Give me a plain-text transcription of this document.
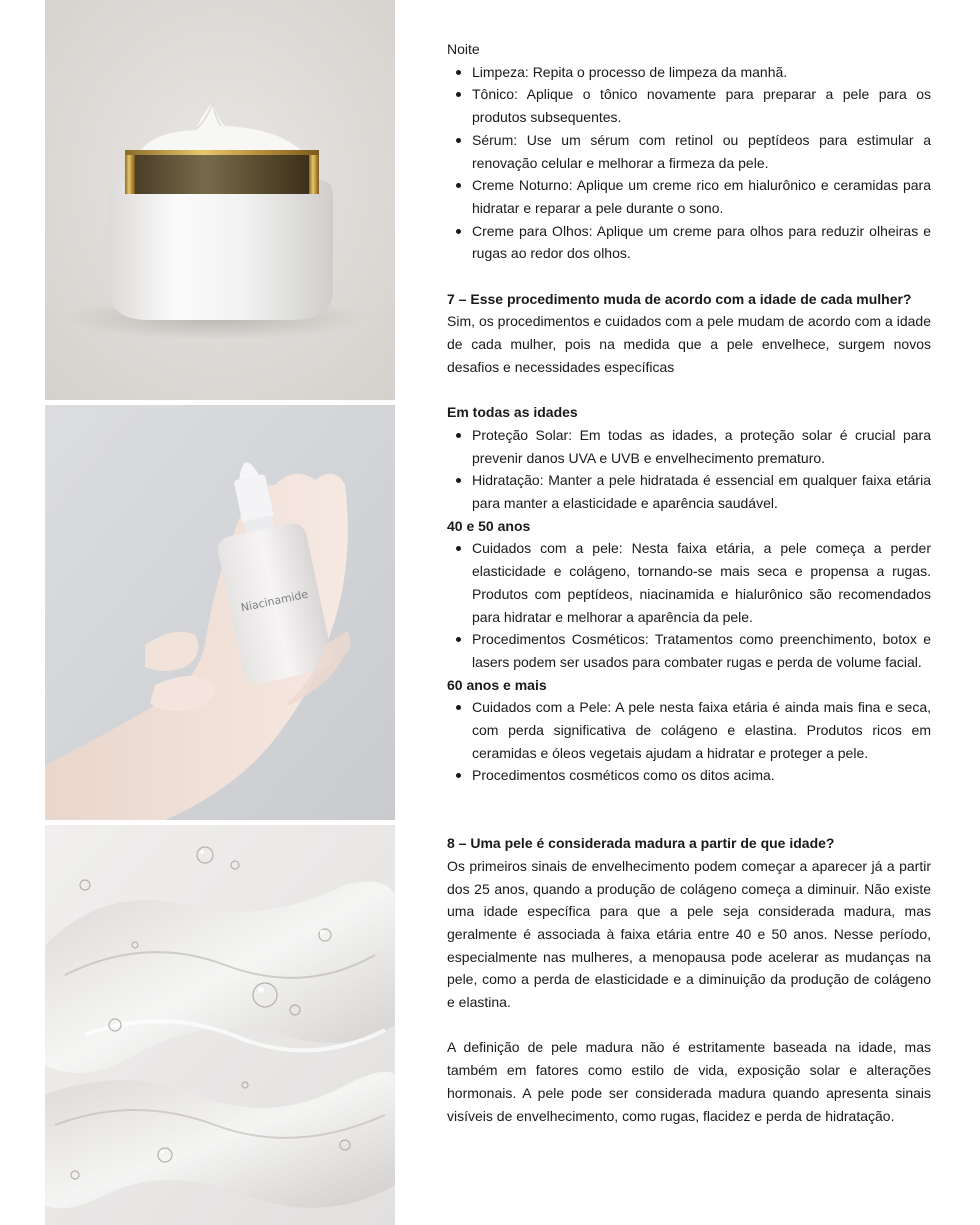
Niacinamide

Noite

Limpeza: Repita o processo de limpeza da manhã.
Tônico: Aplique o tônico novamente para preparar a pele para os produtos subsequentes.
Sérum: Use um sérum com retinol ou peptídeos para estimular a renovação celular e melhorar a firmeza da pele.
Creme Noturno: Aplique um creme rico em hialurônico e ceramidas para hidratar e reparar a pele durante o sono.
Creme para Olhos: Aplique um creme para olhos para reduzir olheiras e rugas ao redor dos olhos.
7 – Esse procedimento muda de acordo com a idade de cada mulher?

Sim, os procedimentos e cuidados com a pele mudam de acordo com a idade de cada mulher, pois na medida que a pele envelhece, surgem novos desafios e necessidades específicas

Em todas as idades
Proteção Solar: Em todas as idades, a proteção solar é crucial para prevenir danos UVA e UVB e envelhecimento prematuro.
Hidratação: Manter a pele hidratada é essencial em qualquer faixa etária para manter a elasticidade e aparência saudável.
40 e 50 anos
Cuidados com a pele: Nesta faixa etária, a pele começa a perder elasticidade e colágeno, tornando-se mais seca e propensa a rugas. Produtos com peptídeos, niacinamida e hialurônico são recomendados para hidratar e melhorar a aparência da pele.
Procedimentos Cosméticos: Tratamentos como preenchimento, botox e lasers podem ser usados para combater rugas e perda de volume facial.
60 anos e mais
Cuidados com a Pele: A pele nesta faixa etária é ainda mais fina e seca, com perda significativa de colágeno e elastina. Produtos ricos em ceramidas e óleos vegetais ajudam a hidratar e proteger a pele.
Procedimentos cosméticos como os ditos acima.
8 – Uma pele é considerada madura a partir de que idade?

Os primeiros sinais de envelhecimento podem começar a aparecer já a partir dos 25 anos, quando a produção de colágeno começa a diminuir. Não existe uma idade específica para que a pele seja considerada madura, mas geralmente é associada à faixa etária entre 40 e 50 anos. Nesse período, especialmente nas mulheres, a menopausa pode acelerar as mudanças na pele, como a perda de elasticidade e a diminuição da produção de colágeno e elastina.

A definição de pele madura não é estritamente baseada na idade, mas também em fatores como estilo de vida, exposição solar e alterações hormonais. A pele pode ser considerada madura quando apresenta sinais visíveis de envelhecimento, como rugas, flacidez e perda de hidratação.
